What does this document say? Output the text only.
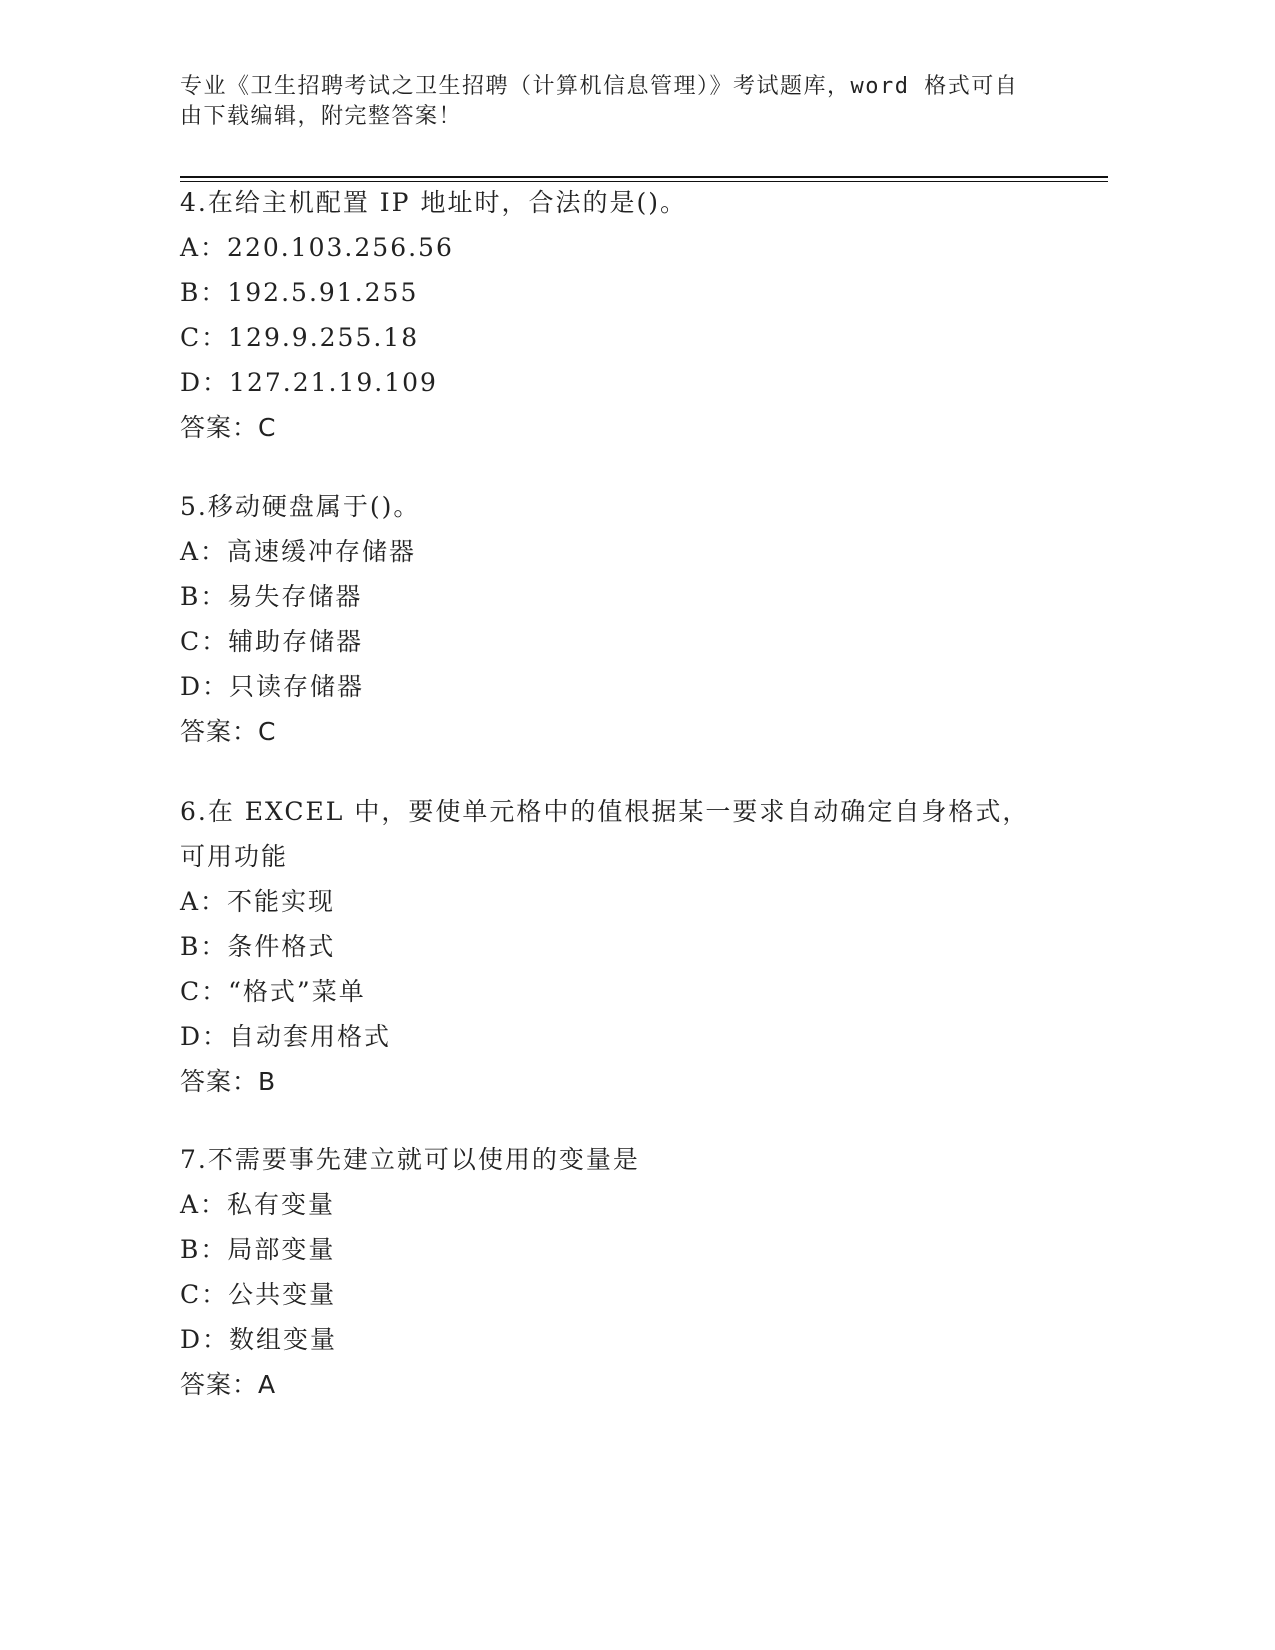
专业《卫生招聘考试之卫生招聘（计算机信息管理）》考试题库，word 格式可自
由下载编辑，附完整答案！
4.在给主机配置 IP 地址时，合法的是()。
A：220.103.256.56
B：192.5.91.255
C：129.9.255.18
D：127.21.19.109
答案：C
5.移动硬盘属于()。
A：高速缓冲存储器
B：易失存储器
C：辅助存储器
D：只读存储器
答案：C
6.在 EXCEL 中，要使单元格中的值根据某一要求自动确定自身格式，
可用功能
A：不能实现
B：条件格式
C：“格式”菜单
D：自动套用格式
答案：B
7.不需要事先建立就可以使用的变量是
A：私有变量
B：局部变量
C：公共变量
D：数组变量
答案：A
